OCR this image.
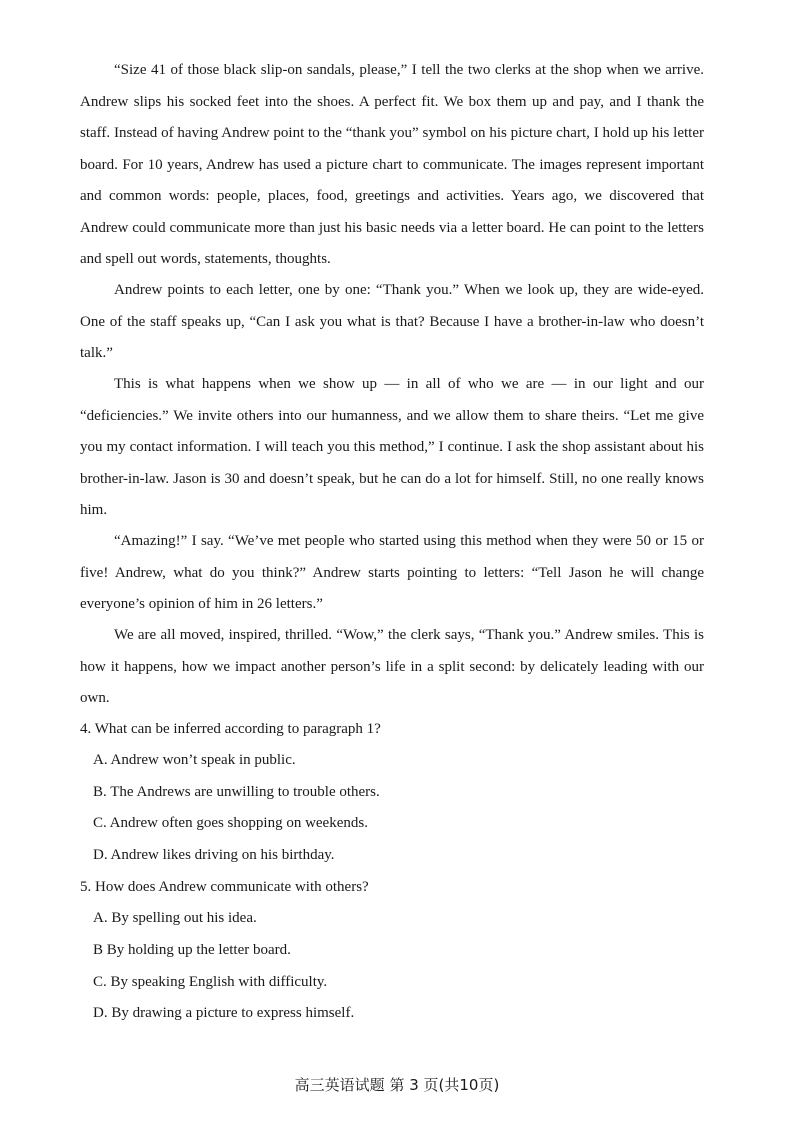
“Size 41 of those black slip-on sandals, please,” I tell the two clerks at the shop when we arrive. Andrew slips his socked feet into the shoes. A perfect fit. We box them up and pay, and I thank the staff. Instead of having Andrew point to the “thank you” symbol on his picture chart, I hold up his letter board. For 10 years, Andrew has used a picture chart to communicate. The images represent important and common words: people, places, food, greetings and activities. Years ago, we discovered that Andrew could communicate more than just his basic needs via a letter board. He can point to the letters and spell out words, statements, thoughts.

Andrew points to each letter, one by one: “Thank you.” When we look up, they are wide-eyed. One of the staff speaks up, “Can I ask you what is that? Because I have a brother-in-law who doesn’t talk.”

This is what happens when we show up — in all of who we are — in our light and our “deficiencies.” We invite others into our humanness, and we allow them to share theirs. “Let me give you my contact information. I will teach you this method,” I continue. I ask the shop assistant about his brother-in-law. Jason is 30 and doesn’t speak, but he can do a lot for himself. Still, no one really knows him.

“Amazing!” I say. “We’ve met people who started using this method when they were 50 or 15 or five! Andrew, what do you think?” Andrew starts pointing to letters: “Tell Jason he will change everyone’s opinion of him in 26 letters.”

We are all moved, inspired, thrilled. “Wow,” the clerk says, “Thank you.” Andrew smiles. This is how it happens, how we impact another person’s life in a split second: by delicately leading with our own.

4. What can be inferred according to paragraph 1?

A. Andrew won’t speak in public.

B. The Andrews are unwilling to trouble others.

C. Andrew often goes shopping on weekends.

D. Andrew likes driving on his birthday.

5. How does Andrew communicate with others?

A. By spelling out his idea.

B By holding up the letter board.

C. By speaking English with difficulty.

D. By drawing a picture to express himself.

高三英语试题 第 3 页(共10页)
